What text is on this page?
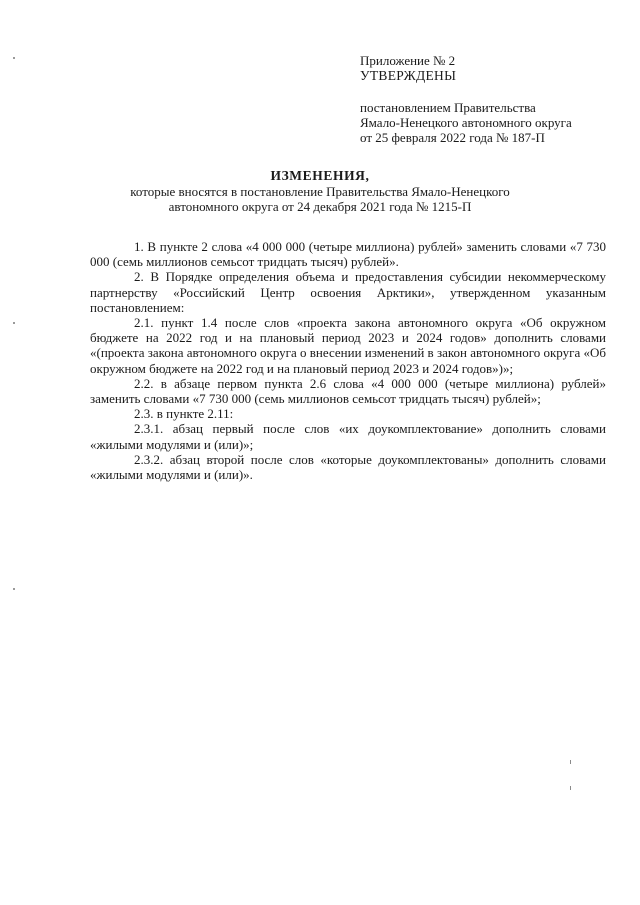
Приложение № 2
УТВЕРЖДЕНЫ
постановлением Правительства
Ямало-Ненецкого автономного округа
от 25 февраля 2022 года № 187-П
ИЗМЕНЕНИЯ,
которые вносятся в постановление Правительства Ямало-Ненецкого
автономного округа от 24 декабря 2021 года № 1215-П

1. В пункте 2 слова «4 000 000 (четыре миллиона) рублей» заменить словами «7 730 000 (семь миллионов семьсот тридцать тысяч) рублей».

2. В Порядке определения объема и предоставления субсидии некоммерческому партнерству «Российский Центр освоения Арктики», утвержденном указанным постановлением:

2.1. пункт 1.4 после слов «проекта закона автономного округа «Об окружном бюджете на 2022 год и на плановый период 2023 и 2024 годов» дополнить словами «(проекта закона автономного округа о внесении изменений в закон автономного округа «Об окружном бюджете на 2022 год и на плановый период 2023 и 2024 годов»)»;

2.2. в абзаце первом пункта 2.6 слова «4 000 000 (четыре миллиона) рублей» заменить словами «7 730 000 (семь миллионов семьсот тридцать тысяч) рублей»;

2.3. в пункте 2.11:

2.3.1. абзац первый после слов «их доукомплектование» дополнить словами «жилыми модулями и (или)»;

2.3.2. абзац второй после слов «которые доукомплектованы» дополнить словами «жилыми модулями и (или)».
